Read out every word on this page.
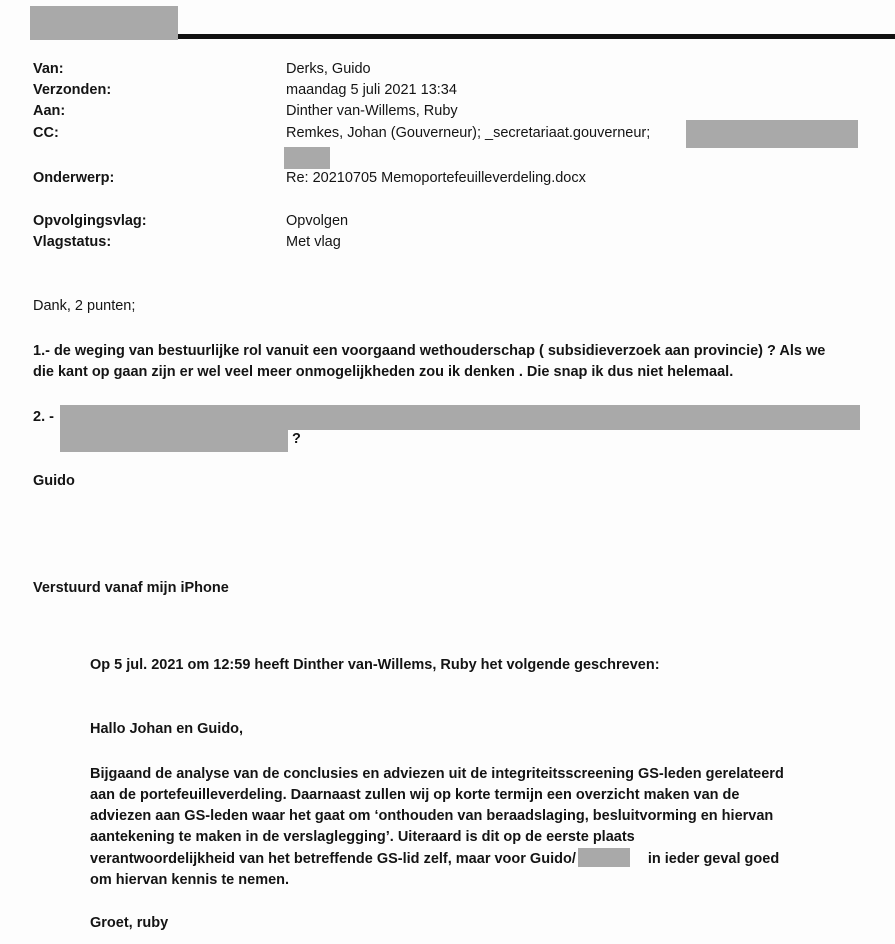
Van:	Derks, Guido
Verzonden:	maandag 5 juli 2021 13:34
Aan:	Dinther van-Willems, Ruby
CC:	Remkes, Johan (Gouverneur); _secretariaat.gouverneur;
Onderwerp:	Re: 20210705 Memoportefeuilleverdeling.docx
Opvolgingsvlag:	Opvolgen
Vlagstatus:	Met vlag
Dank, 2 punten;
1.- de weging van bestuurlijke rol vanuit een voorgaand wethouderschap ( subsidieverzoek aan provincie) ? Als we
die kant op gaan zijn er wel veel meer onmogelijkheden zou ik denken . Die snap ik dus niet helemaal.
2. -
?
Guido
Verstuurd vanaf mijn iPhone
Op 5 jul. 2021 om 12:59 heeft Dinther van-Willems, Ruby het volgende geschreven:
Hallo Johan en Guido,
Bijgaand de analyse van de conclusies en adviezen uit de integriteitsscreening GS-leden gerelateerd
aan de portefeuilleverdeling. Daarnaast zullen wij op korte termijn een overzicht maken van de
adviezen aan GS-leden waar het gaat om ‘onthouden van beraadslaging, besluitvorming en hiervan
aantekening te maken in de verslaglegging’. Uiteraard is dit op de eerste plaats
verantwoordelijkheid van het betreffende GS-lid zelf, maar voor Guido/	in ieder geval goed
om hiervan kennis te nemen.
Groet, ruby
